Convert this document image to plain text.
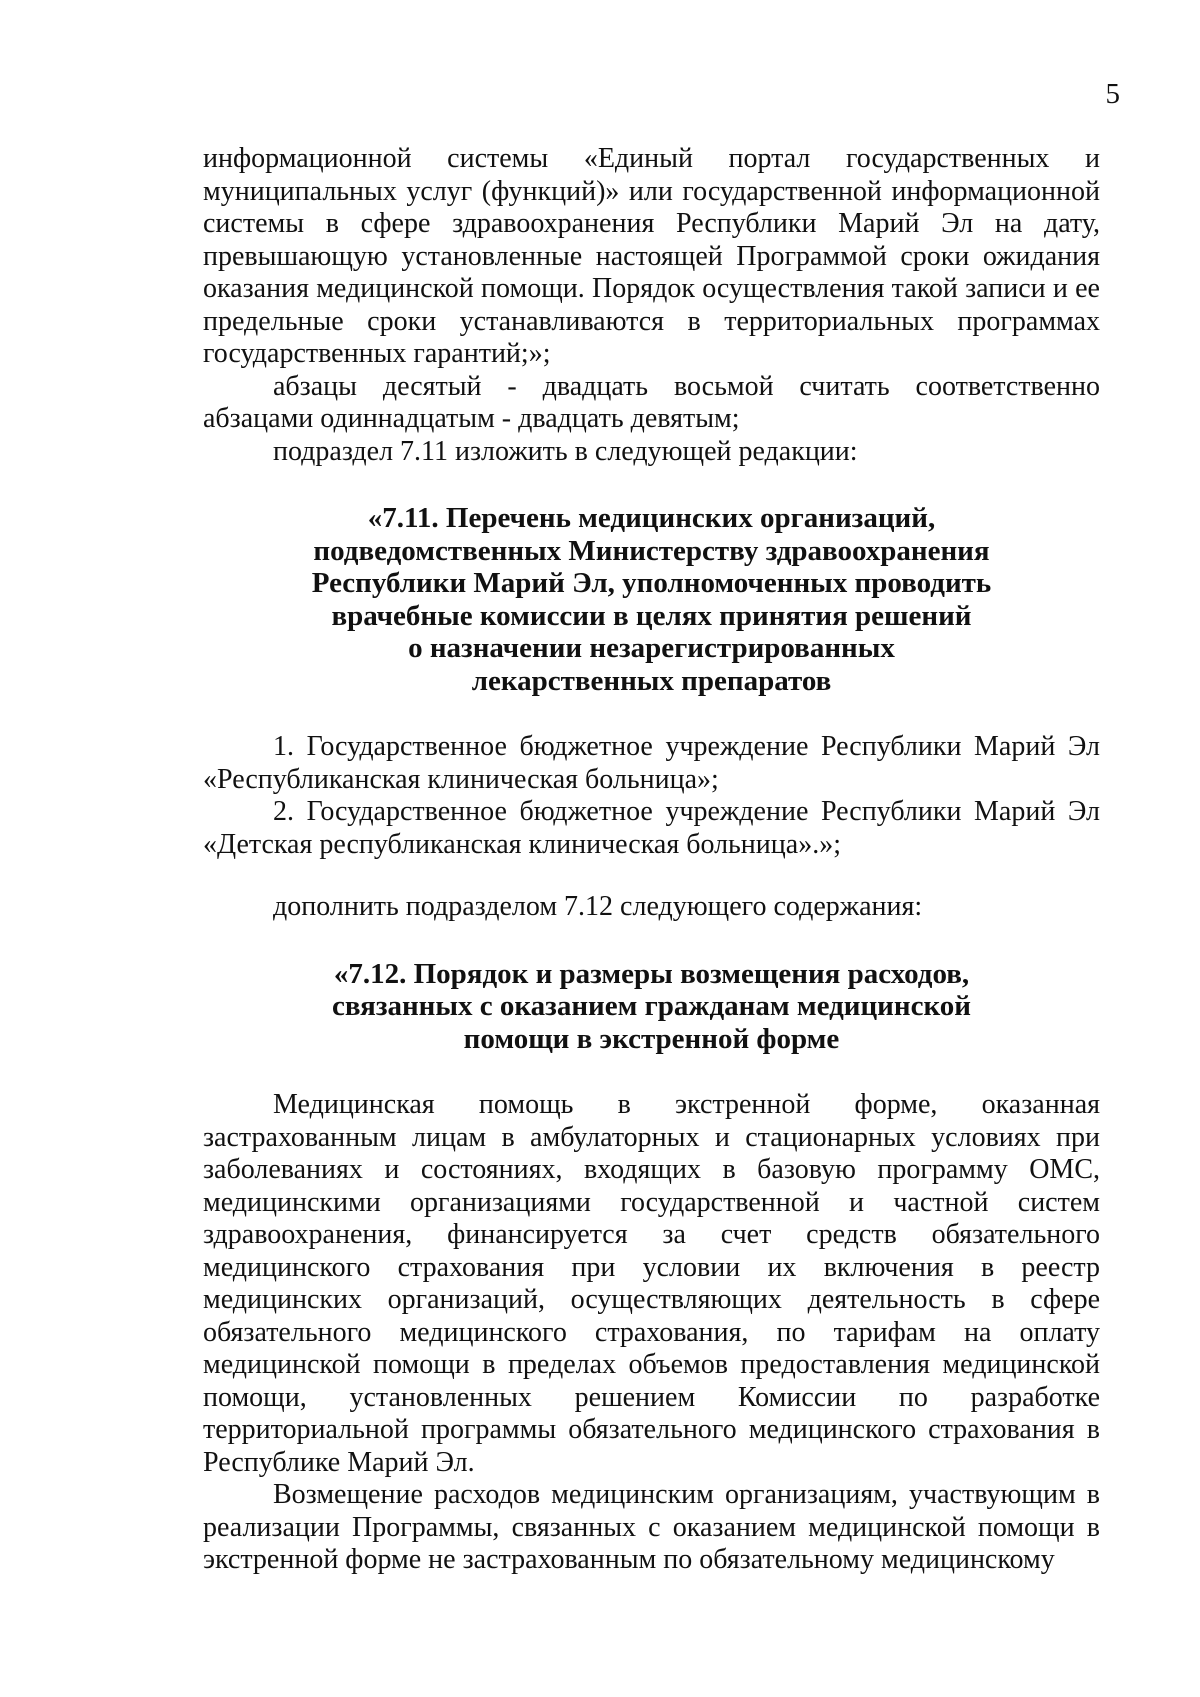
5

информационной системы «Единый портал государственных и муниципальных услуг (функций)» или государственной информационной системы в сфере здравоохранения Республики Марий Эл на дату, превышающую установленные настоящей Программой сроки ожидания оказания медицинской помощи. Порядок осуществления такой записи и ее предельные сроки устанавливаются в территориальных программах государственных гарантий;»;

абзацы десятый - двадцать восьмой считать соответственно абзацами одиннадцатым - двадцать девятым;

подраздел 7.11 изложить в следующей редакции:

«7.11. Перечень медицинских организаций,

подведомственных Министерству здравоохранения

Республики Марий Эл, уполномоченных проводить

врачебные комиссии в целях принятия решений

о назначении незарегистрированных

лекарственных препаратов

1. Государственное бюджетное учреждение Республики Марий Эл «Республиканская клиническая больница»;

2. Государственное бюджетное учреждение Республики Марий Эл «Детская республиканская клиническая больница».»;

дополнить подразделом 7.12 следующего содержания:

«7.12. Порядок и размеры возмещения расходов,

связанных с оказанием гражданам медицинской

помощи в экстренной форме

Медицинская помощь в экстренной форме, оказанная застрахованным лицам в амбулаторных и стационарных условиях при заболеваниях и состояниях, входящих в базовую программу ОМС, медицинскими организациями государственной и частной систем здравоохранения, финансируется за счет средств обязательного медицинского страхования при условии их включения в реестр медицинских организаций, осуществляющих деятельность в сфере обязательного медицинского страхования, по тарифам на оплату медицинской помощи в пределах объемов предоставления медицинской помощи, установленных решением Комиссии по разработке территориальной программы обязательного медицинского страхования в Республике Марий Эл.

Возмещение расходов медицинским организациям, участвующим в реализации Программы, связанных с оказанием медицинской помощи в экстренной форме не застрахованным по обязательному медицинскому
